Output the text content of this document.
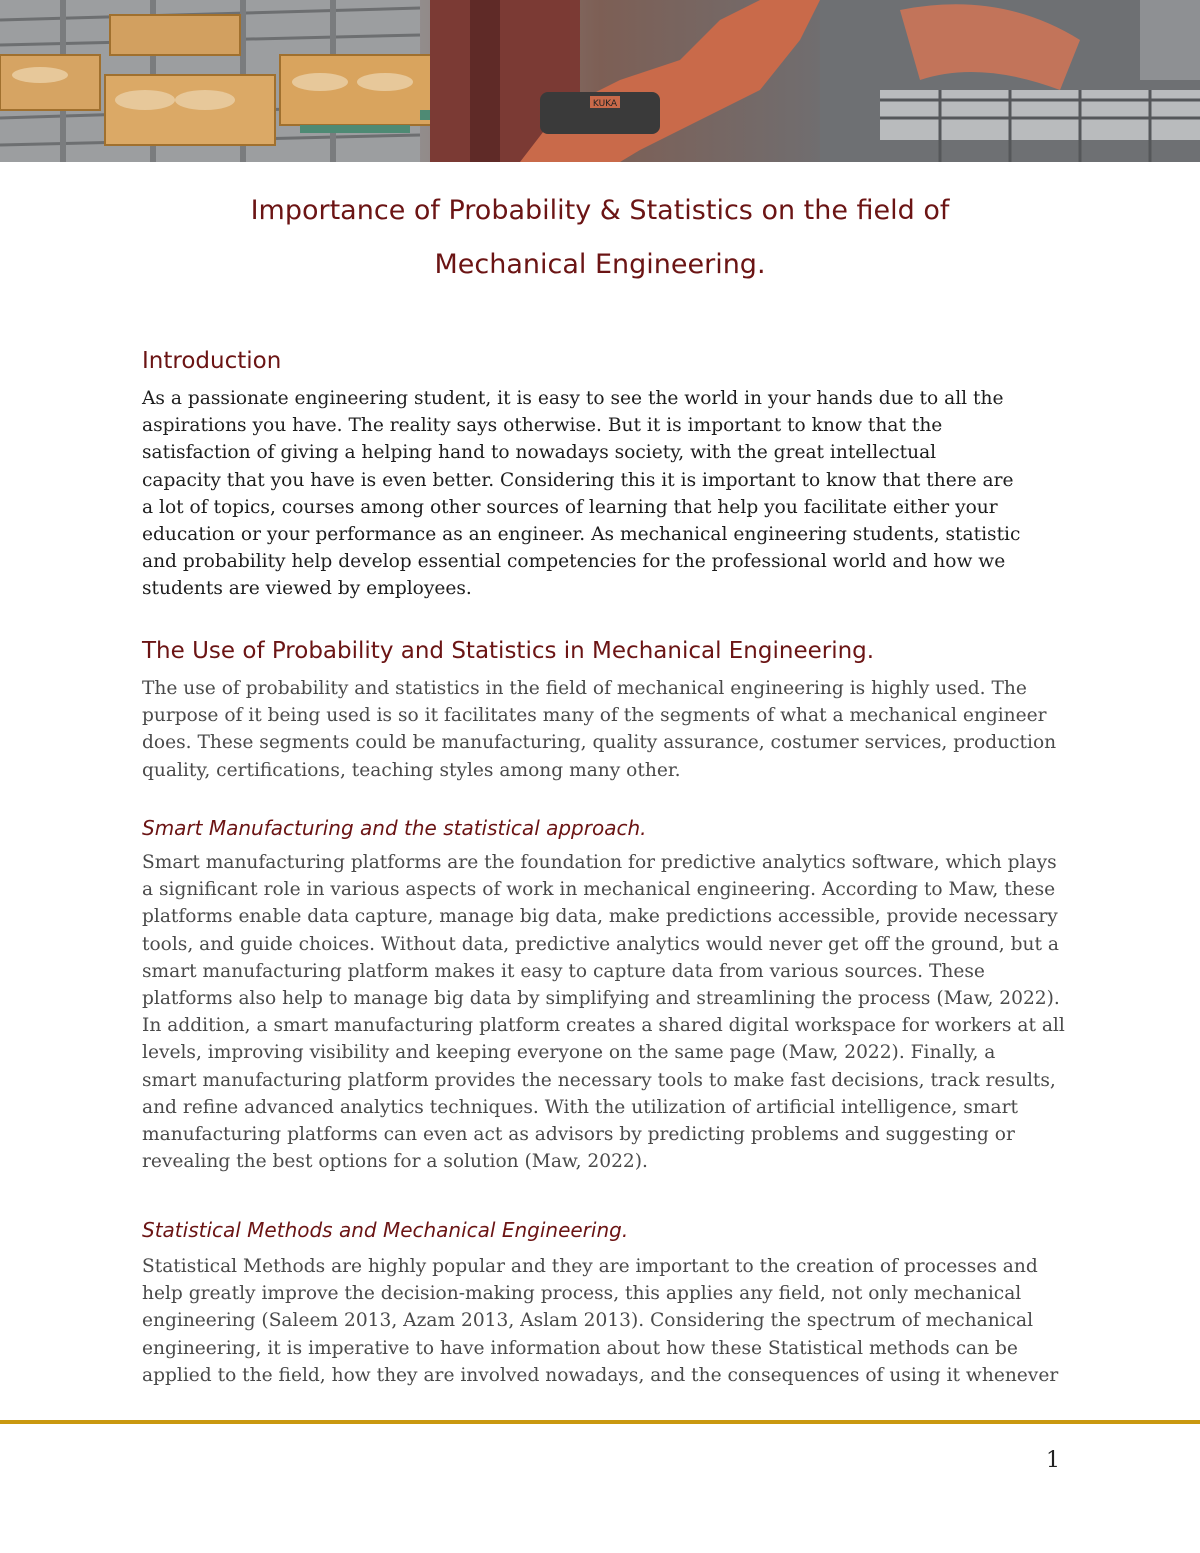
KUKA
Importance of Probability & Statistics on the field of
Mechanical Engineering.
Introduction
As a passionate engineering student, it is easy to see the world in your hands due to all the
aspirations you have. The reality says otherwise. But it is important to know that the
satisfaction of giving a helping hand to nowadays society, with the great intellectual
capacity that you have is even better. Considering this it is important to know that there are
a lot of topics, courses among other sources of learning that help you facilitate either your
education or your performance as an engineer. As mechanical engineering students, statistic
and probability help develop essential competencies for the professional world and how we
students are viewed by employees.
The Use of Probability and Statistics in Mechanical Engineering.
The use of probability and statistics in the field of mechanical engineering is highly used. The
purpose of it being used is so it facilitates many of the segments of what a mechanical engineer
does. These segments could be manufacturing, quality assurance, costumer services, production
quality, certifications, teaching styles among many other.
Smart Manufacturing and the statistical approach.
Smart manufacturing platforms are the foundation for predictive analytics software, which plays
a significant role in various aspects of work in mechanical engineering. According to Maw, these
platforms enable data capture, manage big data, make predictions accessible, provide necessary
tools, and guide choices. Without data, predictive analytics would never get off the ground, but a
smart manufacturing platform makes it easy to capture data from various sources. These
platforms also help to manage big data by simplifying and streamlining the process (Maw, 2022).
In addition, a smart manufacturing platform creates a shared digital workspace for workers at all
levels, improving visibility and keeping everyone on the same page (Maw, 2022). Finally, a
smart manufacturing platform provides the necessary tools to make fast decisions, track results,
and refine advanced analytics techniques. With the utilization of artificial intelligence, smart
manufacturing platforms can even act as advisors by predicting problems and suggesting or
revealing the best options for a solution (Maw, 2022).
Statistical Methods and Mechanical Engineering.
Statistical Methods are highly popular and they are important to the creation of processes and
help greatly improve the decision-making process, this applies any field, not only mechanical
engineering (Saleem 2013, Azam 2013, Aslam 2013). Considering the spectrum of mechanical
engineering, it is imperative to have information about how these Statistical methods can be
applied to the field, how they are involved nowadays, and the consequences of using it whenever
1
